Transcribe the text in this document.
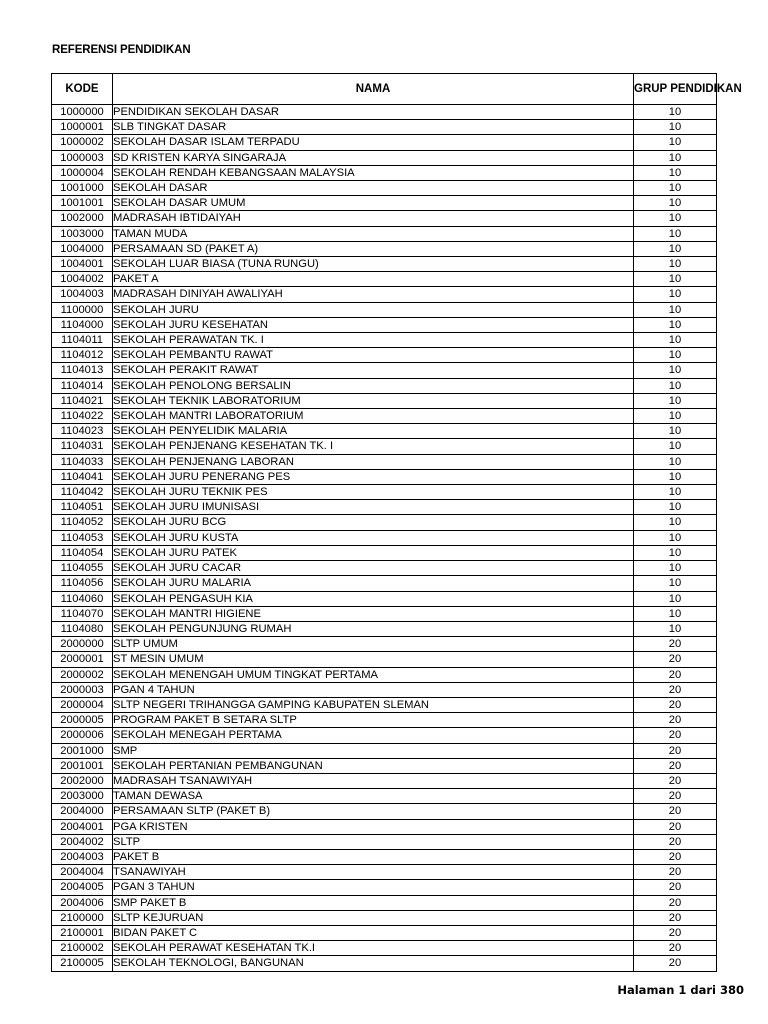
REFERENSI PENDIDIKAN
KODE	NAMA	GRUP PENDIDIKAN
1000000	PENDIDIKAN SEKOLAH DASAR	10
1000001	SLB TINGKAT DASAR	10
1000002	SEKOLAH DASAR ISLAM TERPADU	10
1000003	SD KRISTEN KARYA SINGARAJA	10
1000004	SEKOLAH RENDAH KEBANGSAAN MALAYSIA	10
1001000	SEKOLAH DASAR	10
1001001	SEKOLAH DASAR UMUM	10
1002000	MADRASAH IBTIDAIYAH	10
1003000	TAMAN MUDA	10
1004000	PERSAMAAN SD (PAKET A)	10
1004001	SEKOLAH LUAR BIASA (TUNA RUNGU)	10
1004002	PAKET A	10
1004003	MADRASAH DINIYAH AWALIYAH	10
1100000	SEKOLAH JURU	10
1104000	SEKOLAH JURU KESEHATAN	10
1104011	SEKOLAH PERAWATAN TK. I	10
1104012	SEKOLAH PEMBANTU RAWAT	10
1104013	SEKOLAH PERAKIT RAWAT	10
1104014	SEKOLAH PENOLONG BERSALIN	10
1104021	SEKOLAH TEKNIK LABORATORIUM	10
1104022	SEKOLAH MANTRI LABORATORIUM	10
1104023	SEKOLAH PENYELIDIK MALARIA	10
1104031	SEKOLAH PENJENANG KESEHATAN TK. I	10
1104033	SEKOLAH PENJENANG LABORAN	10
1104041	SEKOLAH JURU PENERANG PES	10
1104042	SEKOLAH JURU TEKNIK PES	10
1104051	SEKOLAH JURU IMUNISASI	10
1104052	SEKOLAH JURU BCG	10
1104053	SEKOLAH JURU KUSTA	10
1104054	SEKOLAH JURU PATEK	10
1104055	SEKOLAH JURU CACAR	10
1104056	SEKOLAH JURU MALARIA	10
1104060	SEKOLAH PENGASUH KIA	10
1104070	SEKOLAH MANTRI HIGIENE	10
1104080	SEKOLAH PENGUNJUNG RUMAH	10
2000000	SLTP UMUM	20
2000001	ST MESIN UMUM	20
2000002	SEKOLAH MENENGAH UMUM TINGKAT PERTAMA	20
2000003	PGAN 4 TAHUN	20
2000004	SLTP NEGERI TRIHANGGA GAMPING KABUPATEN SLEMAN	20
2000005	PROGRAM PAKET B SETARA SLTP	20
2000006	SEKOLAH MENEGAH PERTAMA	20
2001000	SMP	20
2001001	SEKOLAH PERTANIAN PEMBANGUNAN	20
2002000	MADRASAH TSANAWIYAH	20
2003000	TAMAN DEWASA	20
2004000	PERSAMAAN SLTP (PAKET B)	20
2004001	PGA KRISTEN	20
2004002	SLTP	20
2004003	PAKET B	20
2004004	TSANAWIYAH	20
2004005	PGAN 3 TAHUN	20
2004006	SMP PAKET B	20
2100000	SLTP KEJURUAN	20
2100001	BIDAN PAKET C	20
2100002	SEKOLAH PERAWAT KESEHATAN TK.I	20
2100005	SEKOLAH TEKNOLOGI, BANGUNAN	20
Halaman 1 dari 380
